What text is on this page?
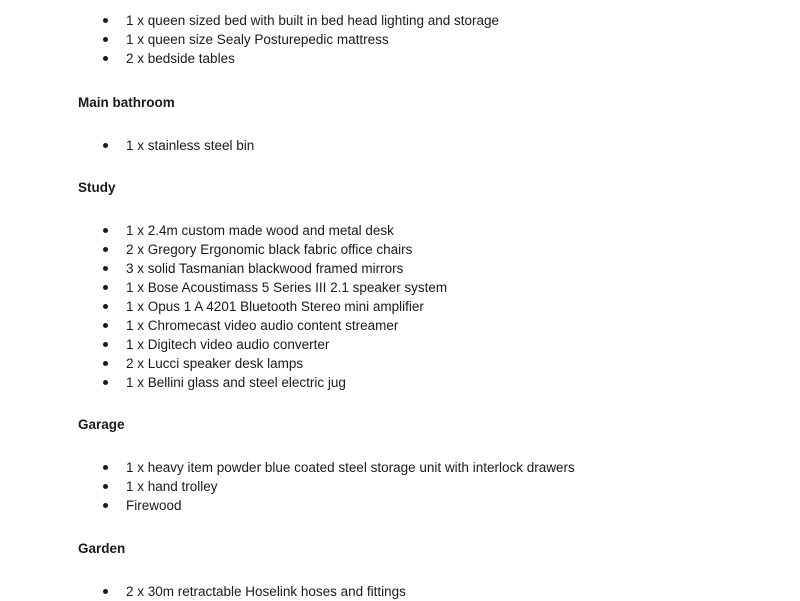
1 x queen sized bed with built in bed head lighting and storage
1 x queen size Sealy Posturepedic mattress
2 x bedside tables
Main bathroom
1 x stainless steel bin
Study
1 x 2.4m custom made wood and metal desk
2 x Gregory Ergonomic black fabric office chairs
3 x solid Tasmanian blackwood framed mirrors
1 x Bose Acoustimass 5 Series III 2.1 speaker system
1 x Opus 1 A 4201 Bluetooth Stereo mini amplifier
1 x Chromecast video audio content streamer
1 x Digitech video audio converter
2 x Lucci speaker desk lamps
1 x Bellini glass and steel electric jug
Garage
1 x heavy item powder blue coated steel storage unit with interlock drawers
1 x hand trolley
Firewood
Garden
2 x 30m retractable Hoselink hoses and fittings
